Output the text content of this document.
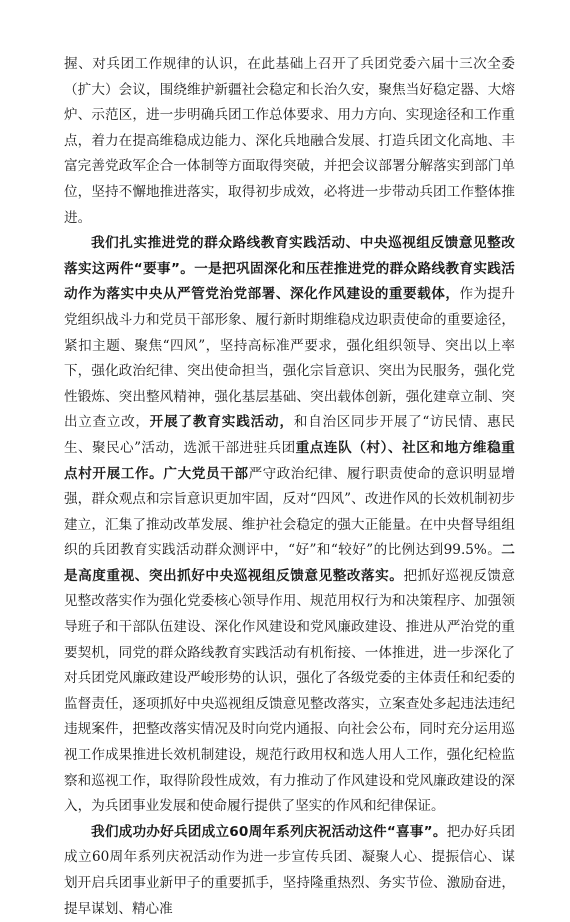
握、对兵团工作规律的认识，在此基础上召开了兵团党委六届十三次全委（扩大）会议，围绕维护新疆社会稳定和长治久安，聚焦当好稳定器、大熔炉、示范区，进一步明确兵团工作总体要求、用力方向、实现途径和工作重点，着力在提高维稳成边能力、深化兵地融合发展、打造兵团文化高地、丰富完善党政军企合一体制等方面取得突破，并把会议部署分解落实到部门单位，坚持不懈地推进落实，取得初步成效，必将进一步带动兵团工作整体推进。

我们扎实推进党的群众路线教育实践活动、中央巡视组反馈意见整改落实这两件“要事”。一是把巩固深化和压茬推进党的群众路线教育实践活动作为落实中央从严管党治党部署、深化作风建设的重要载体，作为提升党组织战斗力和党员干部形象、履行新时期维稳戍边职责使命的重要途径，紧扣主题、聚焦“四风”，坚持高标准严要求，强化组织领导、突出以上率下，强化政治纪律、突出使命担当，强化宗旨意识、突出为民服务，强化党性锻炼、突出整风精神，强化基层基础、突出载体创新，强化建章立制、突出立查立改，开展了教育实践活动，和自治区同步开展了“访民情、惠民生、聚民心”活动，选派干部进驻兵团重点连队（村）、社区和地方维稳重点村开展工作。广大党员干部严守政治纪律、履行职责使命的意识明显增强，群众观点和宗旨意识更加牢固，反对“四风”、改进作风的长效机制初步建立，汇集了推动改革发展、维护社会稳定的强大正能量。在中央督导组组织的兵团教育实践活动群众测评中，“好”和“较好”的比例达到99.5%。二是高度重视、突出抓好中央巡视组反馈意见整改落实。把抓好巡视反馈意见整改落实作为强化党委核心领导作用、规范用权行为和决策程序、加强领导班子和干部队伍建设、深化作风建设和党风廉政建设、推进从严治党的重要契机，同党的群众路线教育实践活动有机衔接、一体推进，进一步深化了对兵团党风廉政建设严峻形势的认识，强化了各级党委的主体责任和纪委的监督责任，逐项抓好中央巡视组反馈意见整改落实，立案查处多起违法违纪违规案件，把整改落实情况及时向党内通报、向社会公布，同时充分运用巡视工作成果推进长效机制建设，规范行政用权和选人用人工作，强化纪检监察和巡视工作，取得阶段性成效，有力推动了作风建设和党风廉政建设的深入，为兵团事业发展和使命履行提供了坚实的作风和纪律保证。

我们成功办好兵团成立60周年系列庆祝活动这件“喜事”。把办好兵团成立60周年系列庆祝活动作为进一步宣传兵团、凝聚人心、提振信心、谋划开启兵团事业新甲子的重要抓手，坚持隆重热烈、务实节俭、激励奋进，提早谋划、精心准
